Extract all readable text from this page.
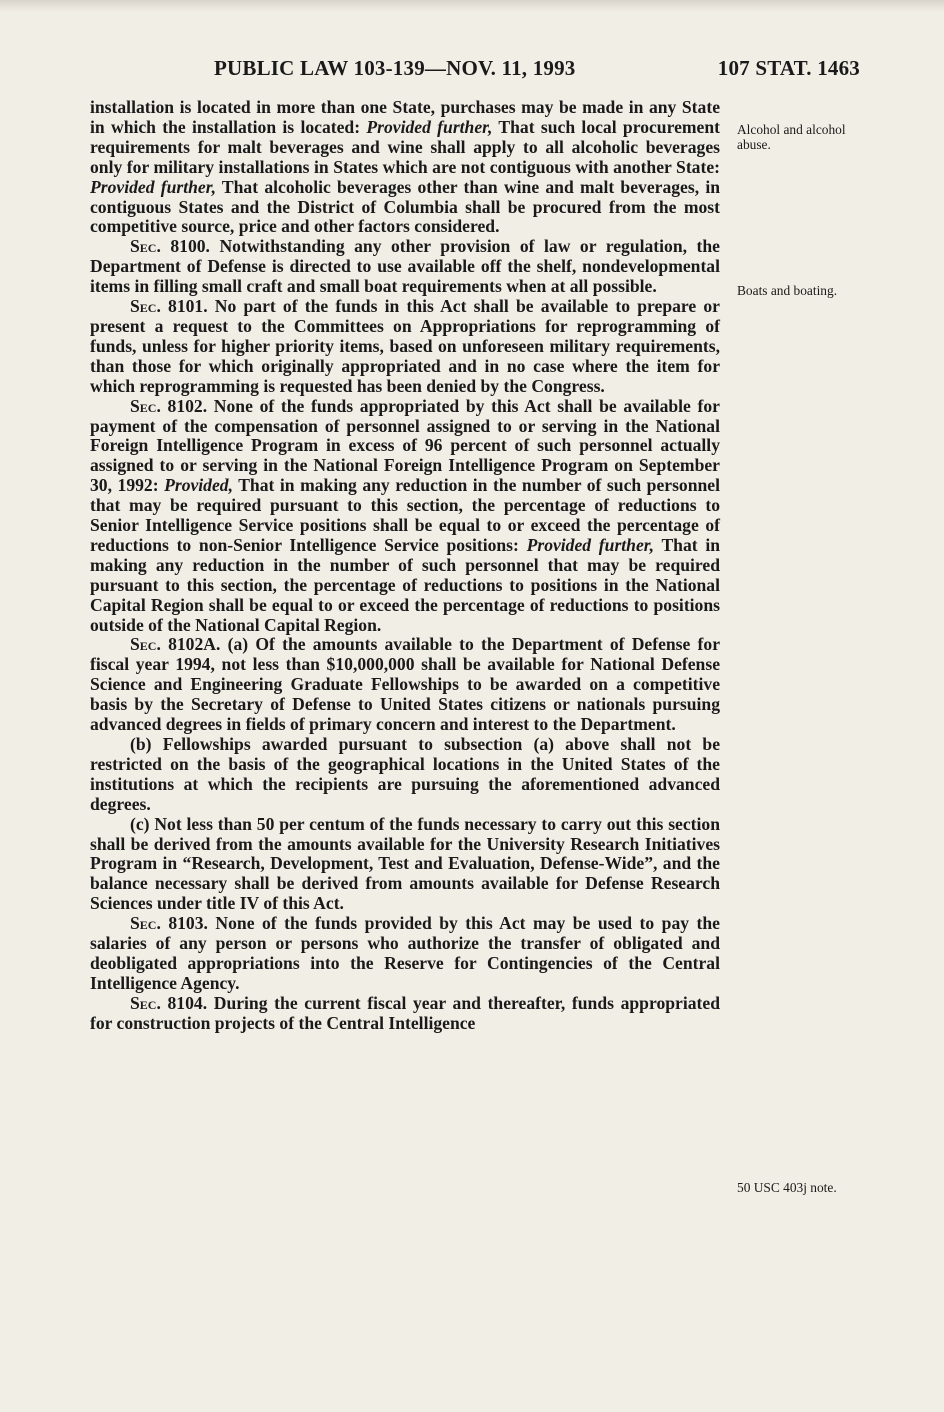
PUBLIC LAW 103-139—NOV. 11, 1993	107 STAT. 1463

installation is located in more than one State, purchases may be made in any State in which the installation is located: Provided further, That such local procurement requirements for malt beverages and wine shall apply to all alcoholic beverages only for military installations in States which are not contiguous with another State: Provided further, That alcoholic beverages other than wine and malt beverages, in contiguous States and the District of Columbia shall be procured from the most competitive source, price and other factors considered.

Sec. 8100. Notwithstanding any other provision of law or regulation, the Department of Defense is directed to use available off the shelf, nondevelopmental items in filling small craft and small boat requirements when at all possible.

Sec. 8101. No part of the funds in this Act shall be available to prepare or present a request to the Committees on Appropriations for reprogramming of funds, unless for higher priority items, based on unforeseen military requirements, than those for which originally appropriated and in no case where the item for which reprogramming is requested has been denied by the Congress.

Sec. 8102. None of the funds appropriated by this Act shall be available for payment of the compensation of personnel assigned to or serving in the National Foreign Intelligence Program in excess of 96 percent of such personnel actually assigned to or serving in the National Foreign Intelligence Program on September 30, 1992: Provided, That in making any reduction in the number of such personnel that may be required pursuant to this section, the percentage of reductions to Senior Intelligence Service positions shall be equal to or exceed the percentage of reductions to non-Senior Intelligence Service positions: Provided further, That in making any reduction in the number of such personnel that may be required pursuant to this section, the percentage of reductions to positions in the National Capital Region shall be equal to or exceed the percentage of reductions to positions outside of the National Capital Region.

Sec. 8102A. (a) Of the amounts available to the Department of Defense for fiscal year 1994, not less than $10,000,000 shall be available for National Defense Science and Engineering Graduate Fellowships to be awarded on a competitive basis by the Secretary of Defense to United States citizens or nationals pursuing advanced degrees in fields of primary concern and interest to the Department.

(b) Fellowships awarded pursuant to subsection (a) above shall not be restricted on the basis of the geographical locations in the United States of the institutions at which the recipients are pursuing the aforementioned advanced degrees.

(c) Not less than 50 per centum of the funds necessary to carry out this section shall be derived from the amounts available for the University Research Initiatives Program in “Research, Development, Test and Evaluation, Defense-Wide”, and the balance necessary shall be derived from amounts available for Defense Research Sciences under title IV of this Act.

Sec. 8103. None of the funds provided by this Act may be used to pay the salaries of any person or persons who authorize the transfer of obligated and deobligated appropriations into the Reserve for Contingencies of the Central Intelligence Agency.

Sec. 8104. During the current fiscal year and thereafter, funds appropriated for construction projects of the Central Intelligence

Alcohol and alcohol abuse.
Boats and boating.
50 USC 403j note.
